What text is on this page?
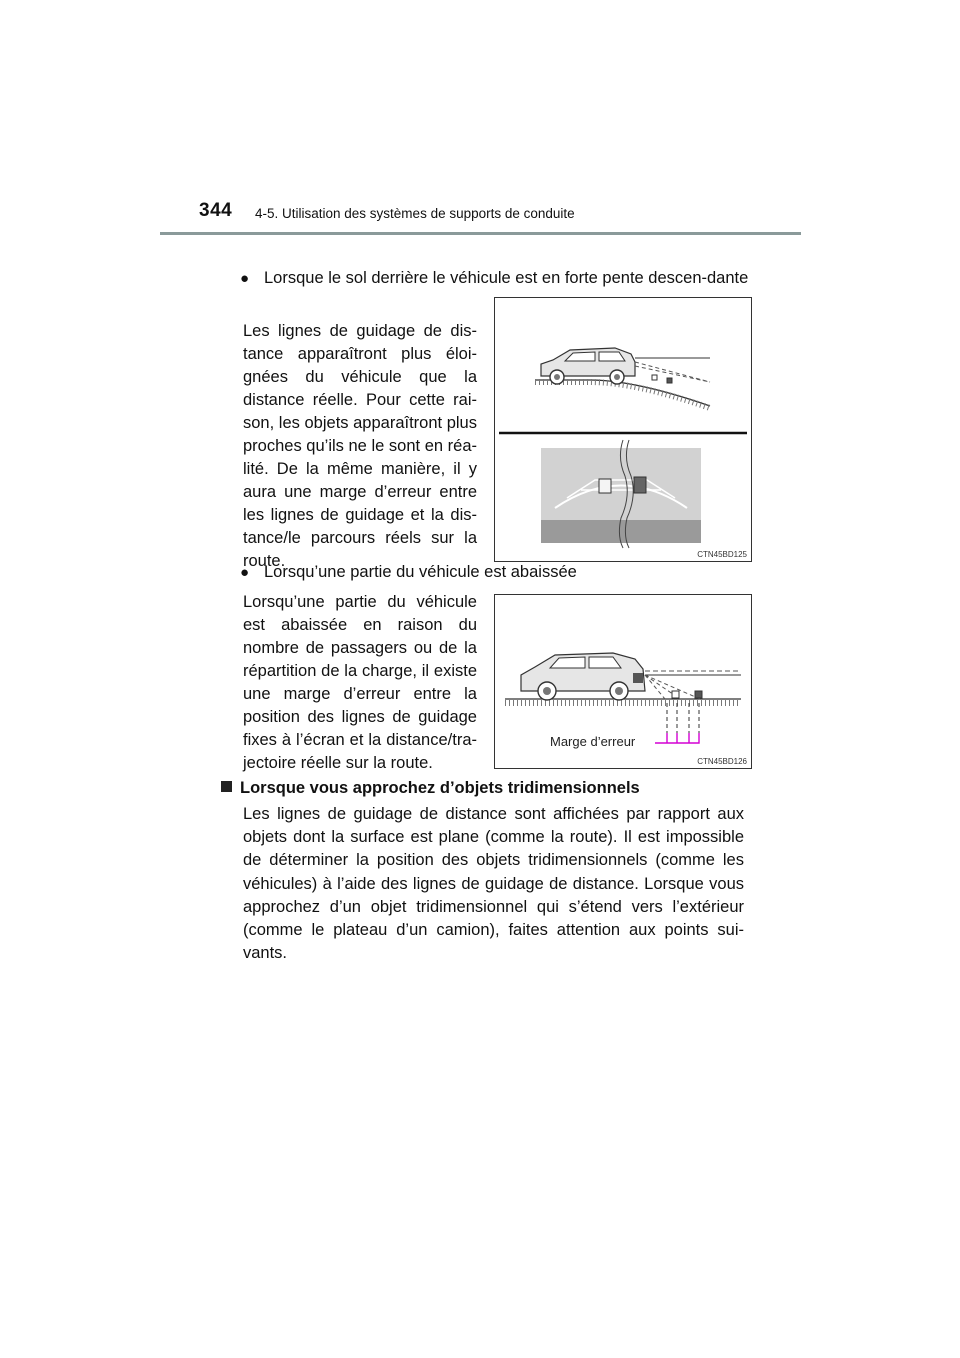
344 4-5. Utilisation des systèmes de supports de conduite
● Lorsque le sol derrière le véhicule est en forte pente descen-dante
Les lignes de guidage de dis-tance apparaîtront plus éloi-gnées du véhicule que la distance réelle. Pour cette rai-son, les objets apparaîtront plus proches qu’ils ne le sont en réa-lité. De la même manière, il y aura une marge d’erreur entre les lignes de guidage et la dis-tance/le parcours réels sur la route.	CTN45BD125
● Lorsqu’une partie du véhicule est abaissée
Lorsqu’une partie du véhicule est abaissée en raison du nombre de passagers ou de la répartition de la charge, il existe une marge d’erreur entre la position des lignes de guidage fixes à l’écran et la distance/tra-jectoire réelle sur la route.
Marge d’erreur
CTN45BD126
Lorsque vous approchez d’objets tridimensionnels
Les lignes de guidage de distance sont affichées par rapport aux objets dont la surface est plane (comme la route). Il est impossible de déterminer la position des objets tridimensionnels (comme les véhicules) à l’aide des lignes de guidage de distance. Lorsque vous approchez d’un objet tridimensionnel qui s’étend vers l’extérieur (comme le plateau d’un camion), faites attention aux points sui-vants.
